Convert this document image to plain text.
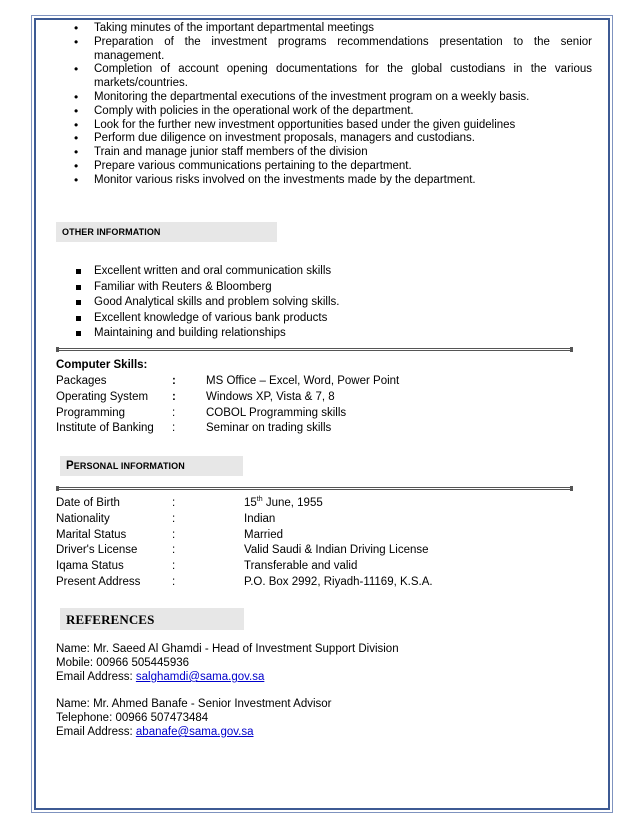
• Taking minutes of the important departmental meetings
• Preparation of the investment programs recommendations presentation to the senior management.
• Completion of account opening documentations for the global custodians in the various markets/countries.
• Monitoring the departmental executions of the investment program on a weekly basis.
• Comply with policies in the operational work of the department.
• Look for the further new investment opportunities based under the given guidelines
• Perform due diligence on investment proposals, managers and custodians.
• Train and manage junior staff members of the division
• Prepare various communications pertaining to the department.
• Monitor various risks involved on the investments made by the department.
OTHER INFORMATION
Excellent written and oral communication skills
Familiar with Reuters & Bloomberg
Good Analytical skills and problem solving skills.
Excellent knowledge of various bank products
Maintaining and building relationships
Computer Skills:
Packages	:	MS Office – Excel, Word, Power Point
Operating System :	Windows XP, Vista & 7, 8
Programming	:	COBOL Programming skills
Institute of Banking :	Seminar on trading skills
PERSONAL INFORMATION
Date of Birth	:	15th June, 1955
Nationality	:	Indian
Marital Status	:	Married
Driver's License	:	Valid Saudi & Indian Driving License
Iqama Status	:	Transferable and valid
Present Address	:	P.O. Box 2992, Riyadh-11169, K.S.A.
REFERENCES
Name: Mr. Saeed Al Ghamdi - Head of Investment Support Division
Mobile: 00966 505445936
Email Address: salghamdi@sama.gov.sa
Name: Mr. Ahmed Banafe - Senior Investment Advisor
Telephone: 00966 507473484
Email Address: abanafe@sama.gov.sa
